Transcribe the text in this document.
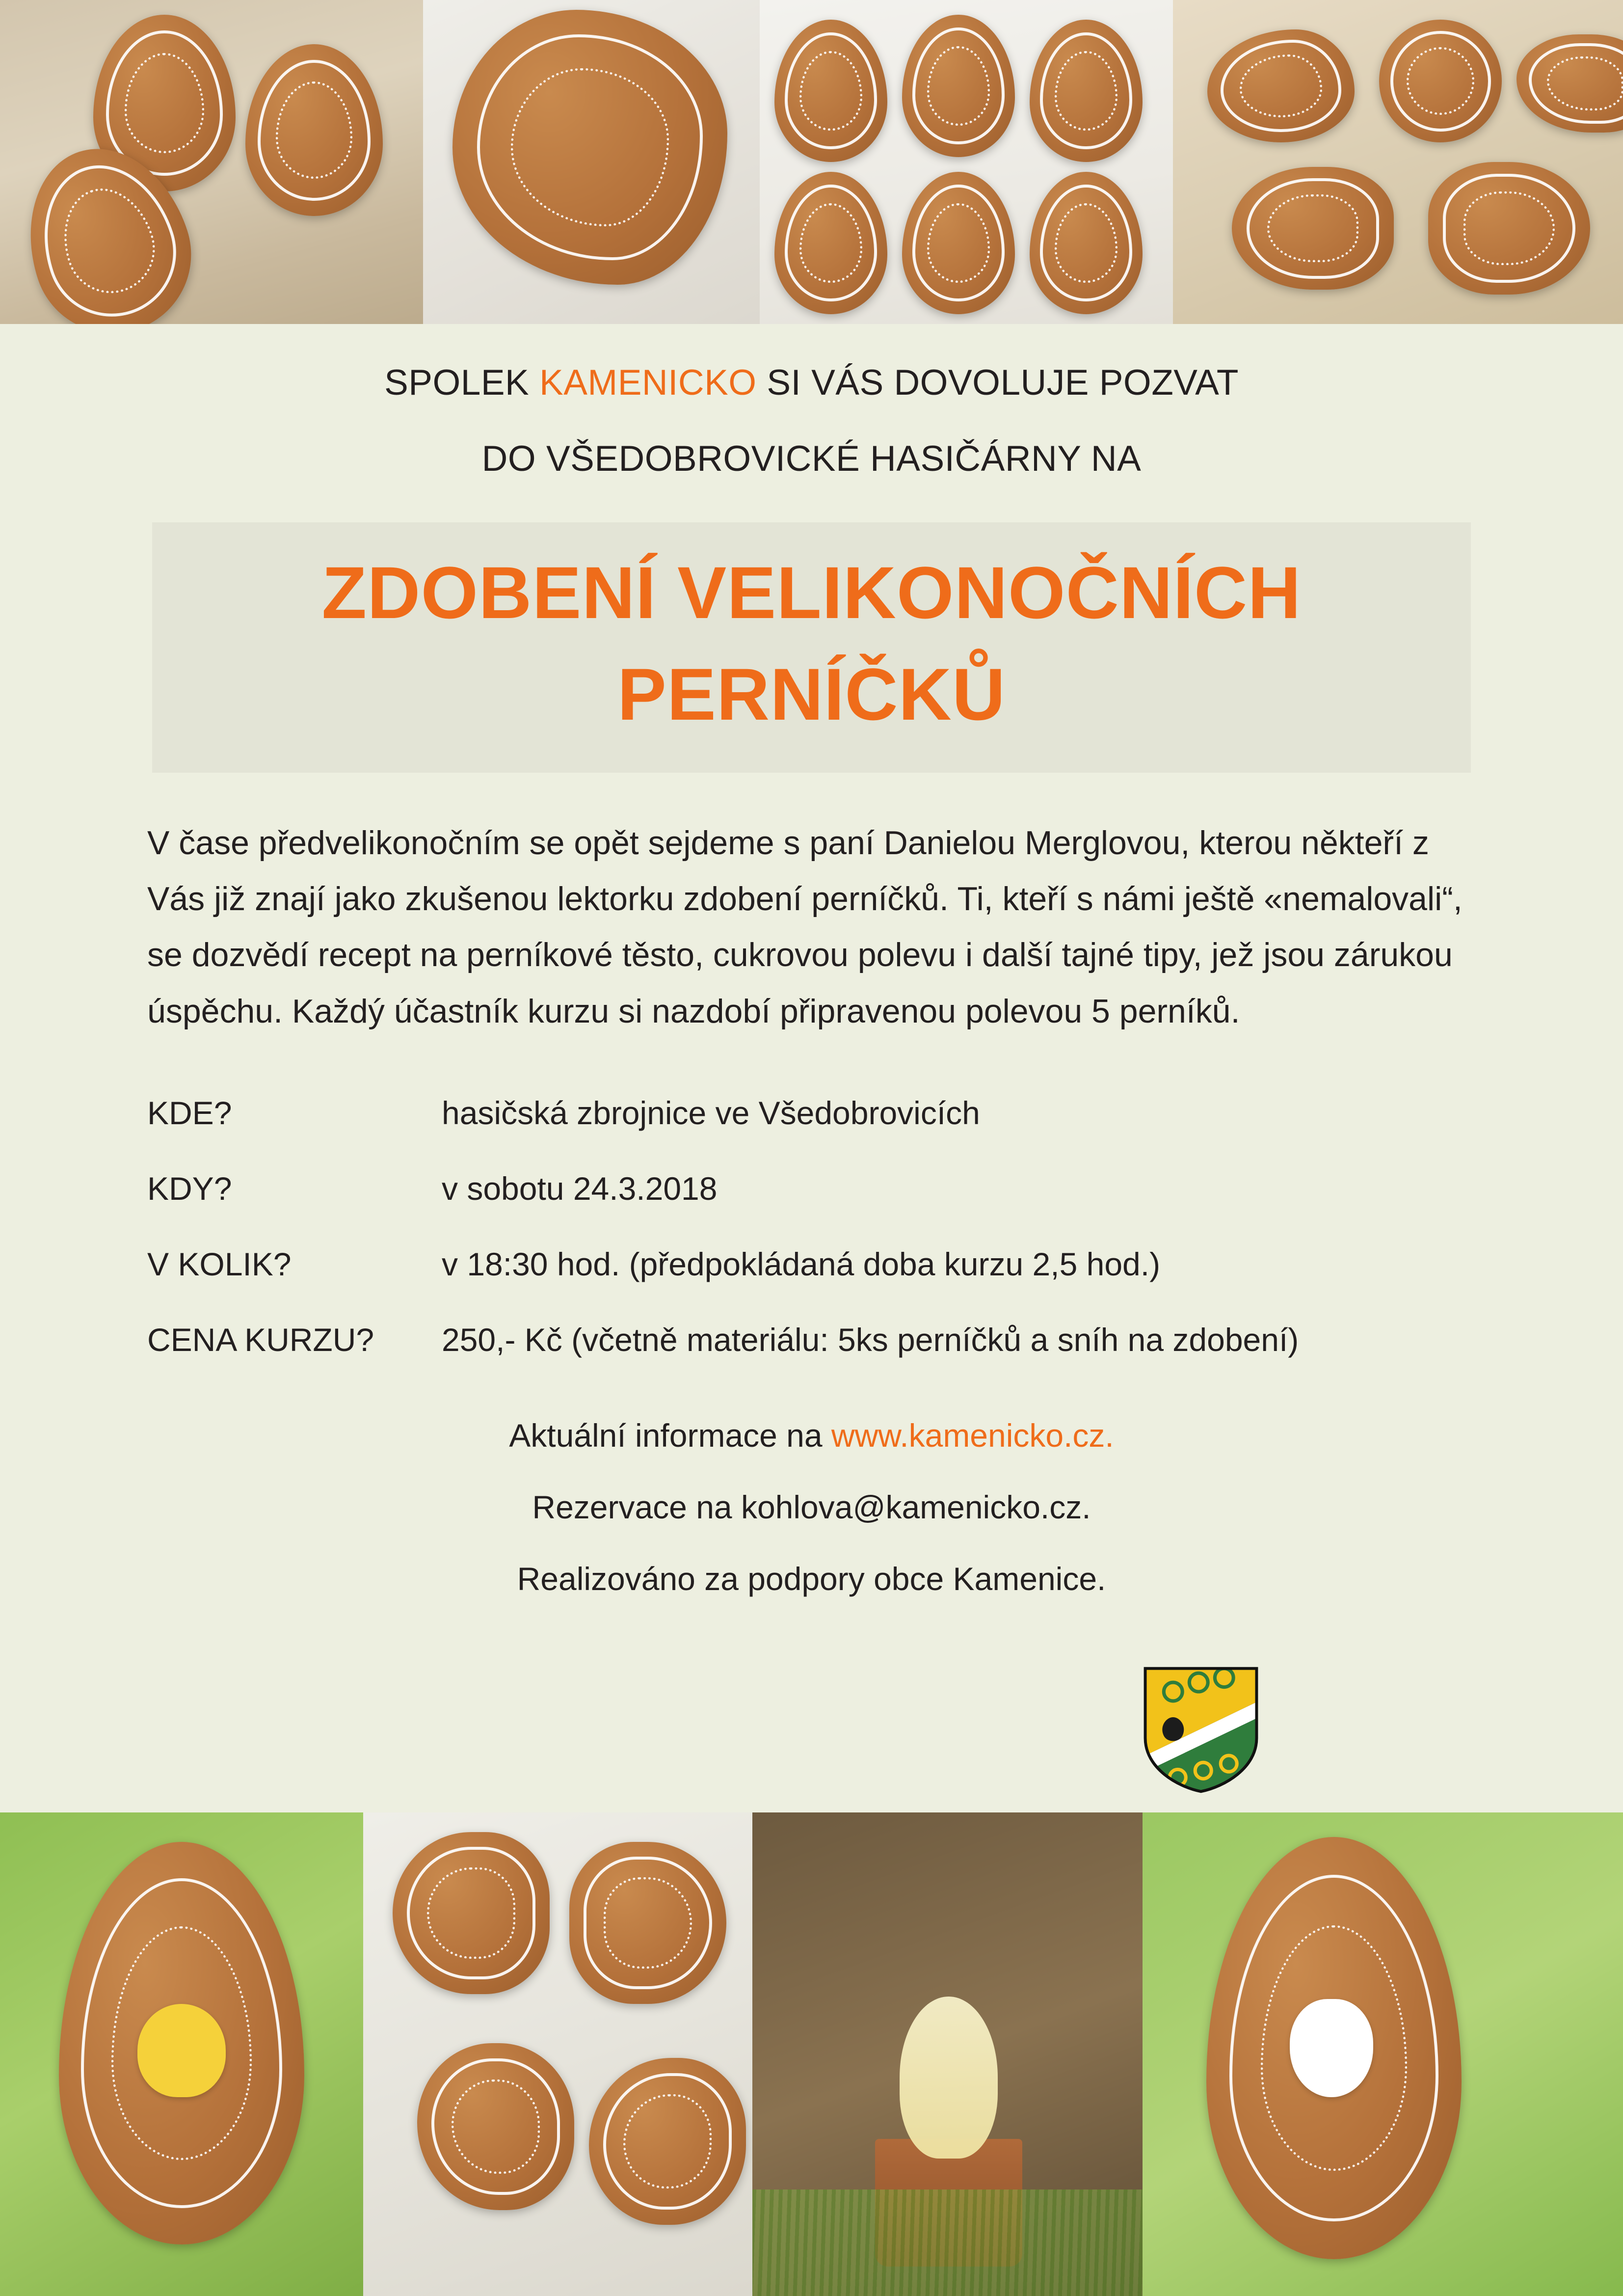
SPOLEK KAMENICKO SI VÁS DOVOLUJE POZVAT
DO VŠEDOBROVICKÉ HASIČÁRNY NA
ZDOBENÍ VELIKONOČNÍCH
PERNÍČKŮ
V čase předvelikonočním se opět sejdeme s paní Danielou Merglovou, kterou někteří z Vás již znají jako zkušenou lektorku zdobení perníčků. Ti, kteří s námi ještě «nemalovali“, se dozvědí recept na perníkové těsto, cukrovou polevu i další tajné tipy, jež jsou zárukou úspěchu. Každý účastník kurzu si nazdobí připravenou polevou 5 perníků.
KDE?	hasičská zbrojnice ve Všedobrovicích
KDY?	v sobotu 24.3.2018
V KOLIK?	v 18:30 hod. (předpokládaná doba kurzu 2,5 hod.)
CENA KURZU?	250,- Kč (včetně materiálu: 5ks perníčků a sníh na zdobení)
Aktuální informace na www.kamenicko.cz.
Rezervace na kohlova@kamenicko.cz.
Realizováno za podpory obce Kamenice.
